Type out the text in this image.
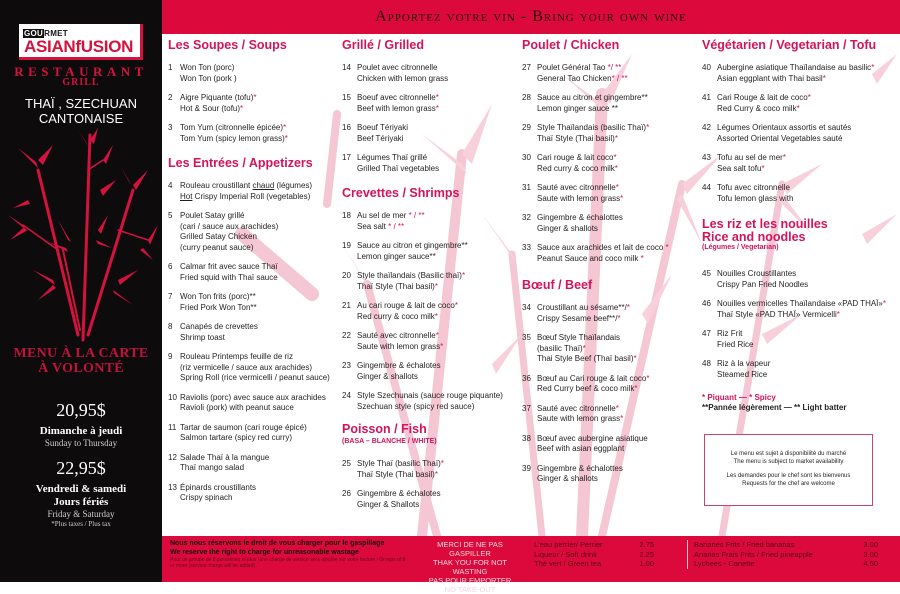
GOURMET
ASIANfUSION
RESTAURANT
GRILL
THAÏ , SZECHUAN
CANTONAISE
MENU À LA CARTE
À VOLONTÉ
20,95$
Dimanche à jeudi
Sunday to Thursday
22,95$
Vendredi & samedi
Jours fériés
Friday & Saturday
*Plus taxes / Plus tax
Apportez votre vin - Bring your own wine
Les Soupes / Soups
1 Won Ton (porc)
Won Ton (pork )
2 Aigre Piquante (tofu)*
Hot & Sour (tofu)*
3 Tom Yum (citronnelle épicée)*
Tom Yum (spicy lemon grass)*
Les Entrées / Appetizers
4 Rouleau croustillant chaud (légumes)
Hot Crispy Imperial Roll (vegetables)
5 Poulet Satay grillé
(cari / sauce aux arachides)
Grilled Satay Chicken
(curry peanut sauce)
6 Calmar frit avec sauce Thaï
Fried squid with Thaï sauce
7 Won Ton frits (porc)**
Fried Pork Won Ton**
8 Canapés de crevettes
Shrimp toast
9 Rouleau Printemps feuille de riz
(riz vermicelle / sauce aux arachides)
Spring Roll (rice vermicelli / peanut sauce)
10 Raviolis (porc) avec sauce aux arachides
Ravioli (pork) with peanut sauce
11 Tartar de saumon (cari rouge épicé)
Salmon tartare (spicy red curry)
12 Salade Thaï à la mangue
Thaï mango salad
13 Épinards croustillants
Crispy spinach
Grillé / Grilled
14 Poulet avec citronnelle
Chicken with lemon grass
15 Boeuf avec citronnelle*
Beef with lemon grass*
16 Boeuf Tériyaki
Beef Tériyaki
17 Légumes Thaï grillé
Grilled Thaï vegetables
Crevettes / Shrimps
18 Au sel de mer * / **
Sea salt * / **
19 Sauce au citron et gingembre**
Lemon ginger sauce**
20 Style thaïlandais (Basilic thaï)*
Thaï Style (Thai basil)*
21 Au cari rouge & lait de coco*
Red curry & coco milk*
22 Sauté avec citronnelle*
Saute with lemon grass*
23 Gingembre & échalotes
Ginger & shallots
24 Style Szechunais (sauce rouge piquante)
Szechuan style (spicy red sauce)
Poisson / Fish
(BASA – BLANCHE / WHITE)
25 Style Thaï (basilic Thaï)*
Thaï Style (Thai basil)*
26 Gingembre & échalotes
Ginger & Shallots
Poulet / Chicken
27 Poulet Général Tao */ **
General Tao Chicken* / **
28 Sauce au citron et gingembre**
Lemon ginger sauce **
29 Style Thaïlandais (basilic Thaï)*
Thaï Style (Thai basil)*
30 Cari rouge & lait coco*
Red curry & coco milk*
31 Sauté avec citronnelle*
Saute with lemon grass*
32 Gingembre & échalottes
Ginger & shallots
33 Sauce aux arachides et lait de coco *
Peanut Sauce and coco milk *
Bœuf / Beef
34 Croustillant au sésame**/*
Crispy Sesame beef**/*
35 Bœuf Style Thaïlandais
(basilic Thaï)*
Thai Style Beef (Thaï basil)*
36 Bœuf au Cari rouge & lait coco*
Red Curry beef & coco milk*
37 Sauté avec citronnelle*
Saute with lemon grass*
38 Bœuf avec aubergine asiatique
Beef with asian eggplant
39 Gingembre & échalottes
Ginger & shallots
Végétarien / Vegetarian / Tofu
40 Aubergine asiatique Thaïlandaise au basilic*
Asian eggplant with Thai basil*
41 Cari Rouge & lait de coco*
Red Curry & coco milk*
42 Légumes Orientaux assortis et sautés
Assorted Oriental Vegetables sauté
43 Tofu au sel de mer*
Sea salt tofu*
44 Tofu avec citronnelle
Tofu lemon glass with
Les riz et les nouilles
Rice and noodles
(Légumes / Vegetarian)
45 Nouilles Croustillantes
Crispy Pan Fried Noodles
46 Nouilles vermicelles Thaïlandaise «PAD THAÏ»*
Thaï Style «PAD THAÏ» Vermicelli*
47 Riz Frit
Fried Rice
48 Riz à la vapeur
Steamed Rice
* Piquant — * Spicy
**Pannée légèrement — ** Light batter
Le menu est sujet à disponibilité du marché
The menu is subject to market availability
Les demandes pour le chef sont les bienvenus
Requests for the chef are welcome
Nous nous réservons le droit de vous charger pour le gaspillage
We reserve the right to charge for unreasonable wastage
Pour un groupe de 8 personnes et plus (une charge de service sera ajoutée sur votre facture / Groups of 8 or more (service charge will be added)
MERCI DE NE PAS GASPILLER
THAK YOU FOR NOT WASTING
PAS POUR EMPORTER
NO TAKE-OUT
L'eau perrier/ Perrier	2.75
Liqueur / Soft drink	2.25
Thé vert / Green tea	1.00
Bananes Frits / Fried bananas	3.00
Ananas Frais Frits / Fried pineapple	3.00
Lychees - Canette	4.50
